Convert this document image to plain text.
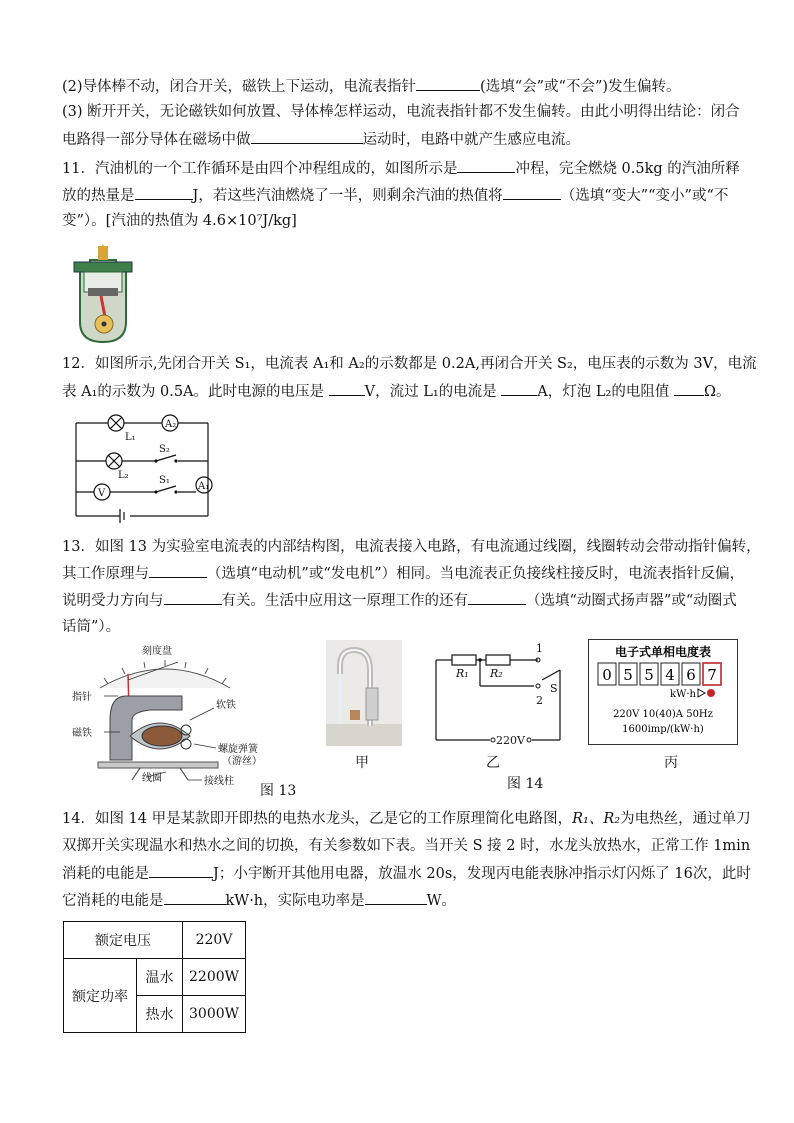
(2)导体棒不动，闭合开关，磁铁上下运动，电流表指针	(选填“会”或“不会”)发生偏转。
(3) 断开开关，无论磁铁如何放置、导体棒怎样运动，电流表指针都不发生偏转。由此小明得出结论：闭合
电路得一部分导体在磁场中做	运动时，电路中就产生感应电流。
11．汽油机的一个工作循环是由四个冲程组成的，如图所示是	冲程，完全燃烧 0.5kg 的汽油所释
放的热量是	J，若这些汽油燃烧了一半，则剩余汽油的热值将	（选填“变大”“变小”或“不
变”）。[汽油的热值为 4.6×10⁷J/kg]
12．如图所示,先闭合开关 S₁，电流表 A₁和 A₂的示数都是 0.2A,再闭合开关 S₂，电压表的示数为 3V，电流
表 A₁的示数为 0.5A。此时电源的电压是	V，流过 L₁的电流是	A，灯泡 L₂的电阻值 Ω。
A₂
L₁
S₂
L₂
V
A₁
S₁
13．如图 13 为实验室电流表的内部结构图，电流表接入电路，有电流通过线圈，线圈转动会带动指针偏转，
其工作原理与	（选填“电动机”或“发电机”）相同。当电流表正负接线柱接反时，电流表指针反偏，
说明受力方向与	有关。生活中应用这一原理工作的还有	（选填“动圈式扬声器”或“动圈式
话筒”）。
刻度盘
指针
软铁
磁铁
螺旋弹簧
（游丝）
线圈	接线柱
图 13
甲
R₁ R₂
1
2
S
220V
乙
图 14
电子式单相电度表
0 5 5 4 6 7
kW·h
220V 10(40)A 50Hz
1600imp/(kW·h)
丙
14．如图 14 甲是某款即开即热的电热水龙头，乙是它的工作原理简化电路图，R₁、R₂为电热丝，通过单刀
双掷开关实现温水和热水之间的切换，有关参数如下表。当开关 S 接 2 时，水龙头放热水，正常工作 1min
消耗的电能是	J；小宇断开其他用电器，放温水 20s，发现丙电能表脉冲指示灯闪烁了 16次，此时
它消耗的电能是	kW·h，实际电功率是	W。
额定电压		220V
额定功率	温水	2200W
	热水	3000W
